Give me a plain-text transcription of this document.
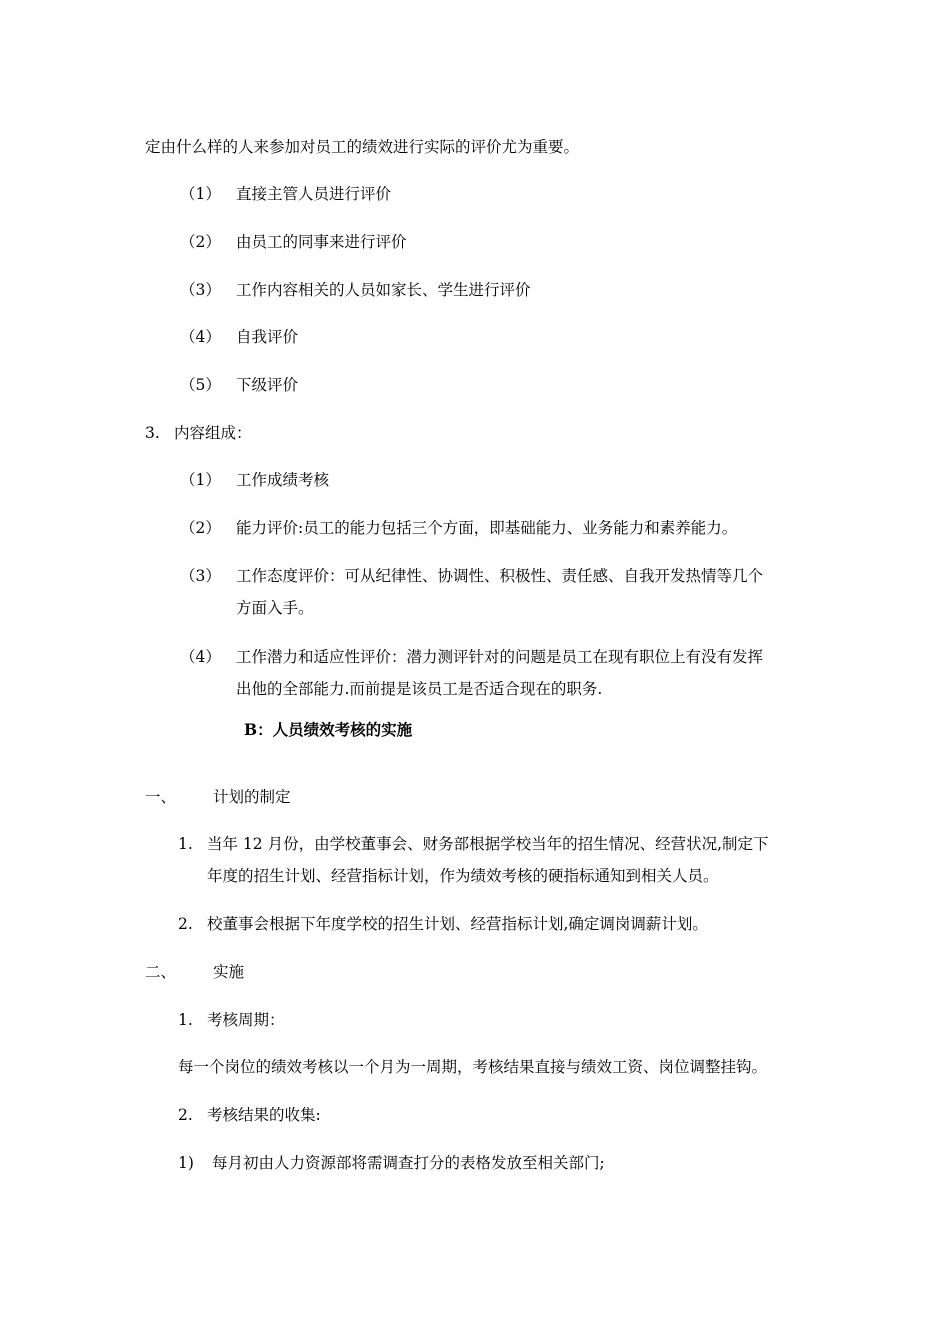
定由什么样的人来参加对员工的绩效进行实际的评价尤为重要。
（1） 直接主管人员进行评价
（2） 由员工的同事来进行评价
（3） 工作内容相关的人员如家长、学生进行评价
（4） 自我评价
（5） 下级评价
3. 内容组成：
（1） 工作成绩考核
（2） 能力评价:员工的能力包括三个方面，即基础能力、业务能力和素养能力。
（3） 工作态度评价：可从纪律性、协调性、积极性、责任感、自我开发热情等几个
方面入手。
（4） 工作潜力和适应性评价：潜力测评针对的问题是员工在现有职位上有没有发挥
出他的全部能力.而前提是该员工是否适合现在的职务.
B：人员绩效考核的实施
一、 计划的制定
1. 当年 12 月份，由学校董事会、财务部根据学校当年的招生情况、经营状况,制定下
年度的招生计划、经营指标计划，作为绩效考核的硬指标通知到相关人员。
2. 校董事会根据下年度学校的招生计划、经营指标计划,确定调岗调薪计划。
二、 实施
1. 考核周期：
每一个岗位的绩效考核以一个月为一周期，考核结果直接与绩效工资、岗位调整挂钩。
2. 考核结果的收集:
1) 每月初由人力资源部将需调查打分的表格发放至相关部门;
